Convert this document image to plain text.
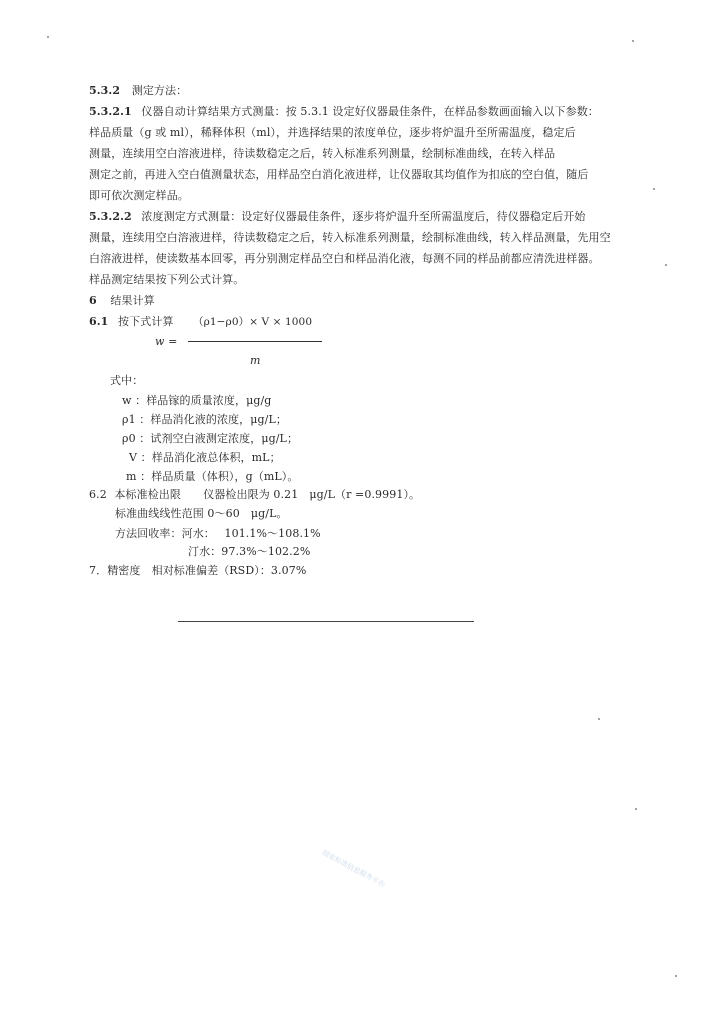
5.3.2 测定方法：
5.3.2.1 仪器自动计算结果方式测量：按 5.3.1 设定好仪器最佳条件，在样品参数画面输入以下参数：
样品质量（g 或 ml），稀释体积（ml），并选择结果的浓度单位，逐步将炉温升至所需温度，稳定后
测量，连续用空白溶液进样，待读数稳定之后，转入标准系列测量，绘制标准曲线，在转入样品
测定之前，再进入空白值测量状态，用样品空白消化液进样，让仪器取其均值作为扣底的空白值，随后
即可依次测定样品。
5.3.2.2 浓度测定方式测量：设定好仪器最佳条件，逐步将炉温升至所需温度后，待仪器稳定后开始
测量，连续用空白溶液进样，待读数稳定之后，转入标准系列测量，绘制标准曲线，转入样品测量，先用空
白溶液进样，使读数基本回零，再分别测定样品空白和样品消化液，每测不同的样品前都应清洗进样器。
样品测定结果按下列公式计算。
6 结果计算
6.1 按下式计算 （ρ1−ρ0）× V × 1000
w =
m
式中：
w ：样品镓的质量浓度，μg/g
ρ1 ：样品消化液的浓度，μg/L；
ρ0 ：试剂空白液测定浓度，μg/L；
V ：样品消化液总体积，mL；
m ：样品质量（体积），g（mL）。
6.2 本标准检出限　　仪器检出限为 0.21　μg/L（r =0.9991）。
标准曲线线性范围 0～60　μg/L。
方法回收率：河水： 101.1%～108.1%
汀水：97.3%～102.2%
7．精密度　相对标准偏差（RSD）：3.07%
国家标准信息服务平台
